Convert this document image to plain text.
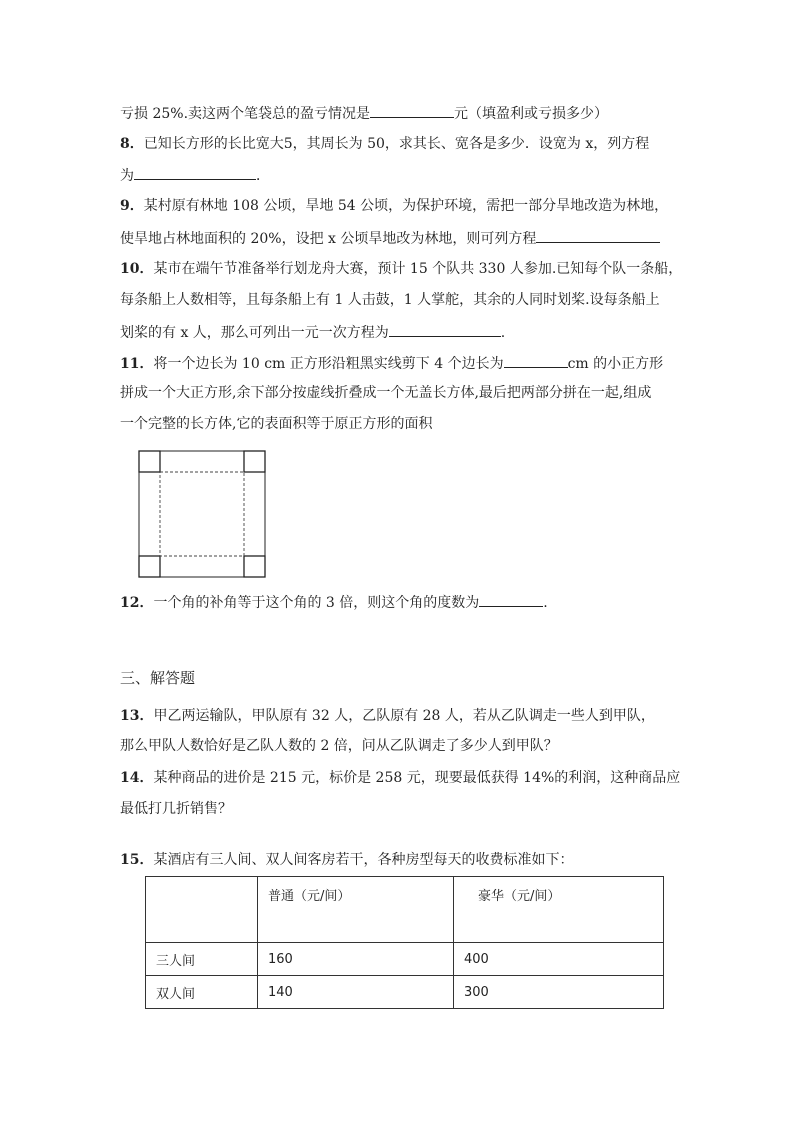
亏损 25%.卖这两个笔袋总的盈亏情况是	元（填盈利或亏损多少）
8．已知长方形的长比宽大5，其周长为 50，求其长、宽各是多少．设宽为 x，列方程
为	．
9．某村原有林地 108 公顷，旱地 54 公顷，为保护环境，需把一部分旱地改造为林地，
使旱地占林地面积的 20%，设把 x 公顷旱地改为林地，则可列方程
10．某市在端午节准备举行划龙舟大赛，预计 15 个队共 330 人参加.已知每个队一条船，
每条船上人数相等，且每条船上有 1 人击鼓，1 人掌舵，其余的人同时划桨.设每条船上
划桨的有 x 人，那么可列出一元一次方程为	.
11．将一个边长为 10 cm 正方形沿粗黑实线剪下 4 个边长为	cm 的小正方形
拼成一个大正方形,余下部分按虚线折叠成一个无盖长方体,最后把两部分拼在一起,组成
一个完整的长方体,它的表面积等于原正方形的面积
12．一个角的补角等于这个角的 3 倍，则这个角的度数为	.
三、解答题
13．甲乙两运输队，甲队原有 32 人，乙队原有 28 人，若从乙队调走一些人到甲队，
那么甲队人数恰好是乙队人数的 2 倍，问从乙队调走了多少人到甲队？
14．某种商品的进价是 215 元，标价是 258 元，现要最低获得 14%的利润，这种商品应
最低打几折销售？
15．某酒店有三人间、双人间客房若干，各种房型每天的收费标准如下：
	普通（元/间）	豪华（元/间）
三人间	160	400
双人间	140	300
